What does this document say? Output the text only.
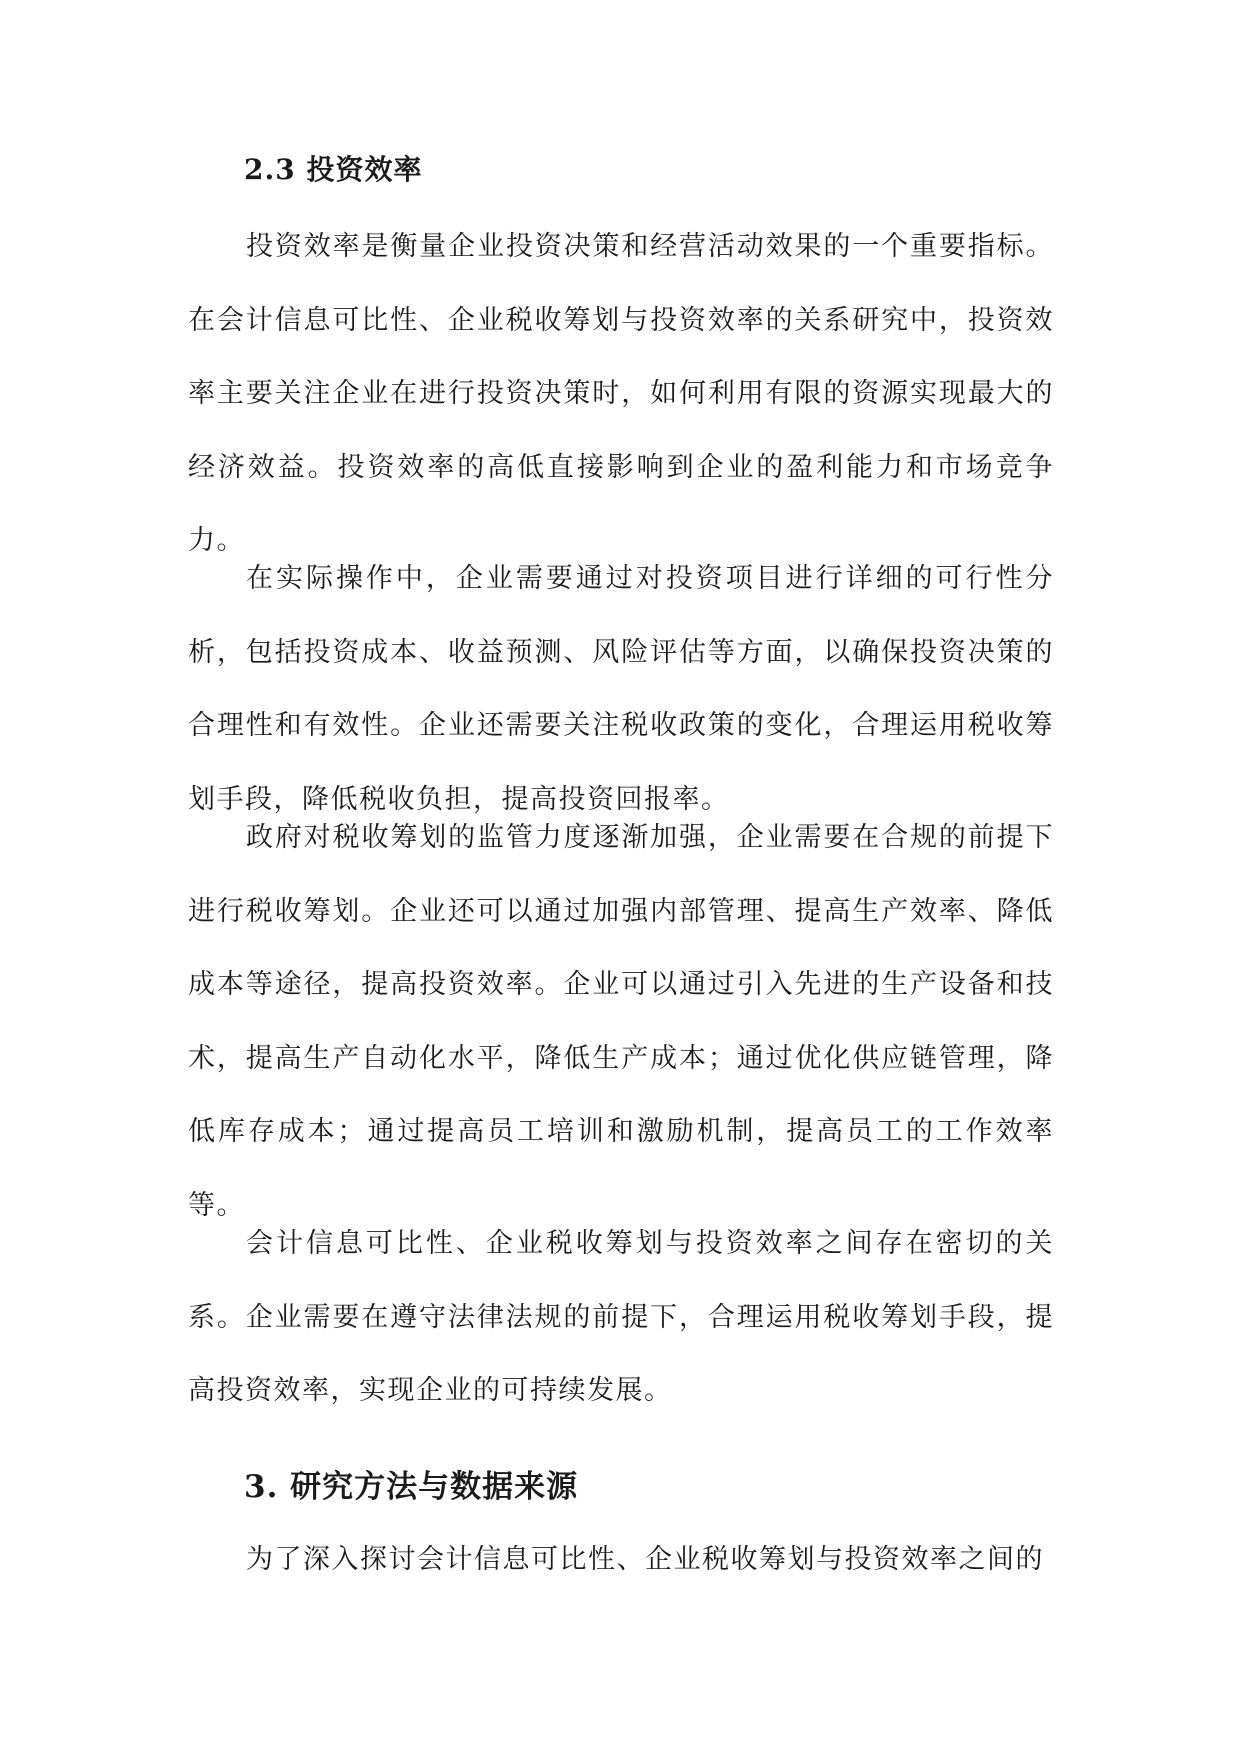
2.3 投资效率

投资效率是衡量企业投资决策和经营活动效果的一个重要指标。在会计信息可比性、企业税收筹划与投资效率的关系研究中，投资效率主要关注企业在进行投资决策时，如何利用有限的资源实现最大的经济效益。投资效率的高低直接影响到企业的盈利能力和市场竞争力。

在实际操作中，企业需要通过对投资项目进行详细的可行性分析，包括投资成本、收益预测、风险评估等方面，以确保投资决策的合理性和有效性。企业还需要关注税收政策的变化，合理运用税收筹划手段，降低税收负担，提高投资回报率。

政府对税收筹划的监管力度逐渐加强，企业需要在合规的前提下进行税收筹划。企业还可以通过加强内部管理、提高生产效率、降低成本等途径，提高投资效率。企业可以通过引入先进的生产设备和技术，提高生产自动化水平，降低生产成本；通过优化供应链管理，降低库存成本；通过提高员工培训和激励机制，提高员工的工作效率等。

会计信息可比性、企业税收筹划与投资效率之间存在密切的关系。企业需要在遵守法律法规的前提下，合理运用税收筹划手段，提高投资效率，实现企业的可持续发展。

3. 研究方法与数据来源

为了深入探讨会计信息可比性、企业税收筹划与投资效率之间的
